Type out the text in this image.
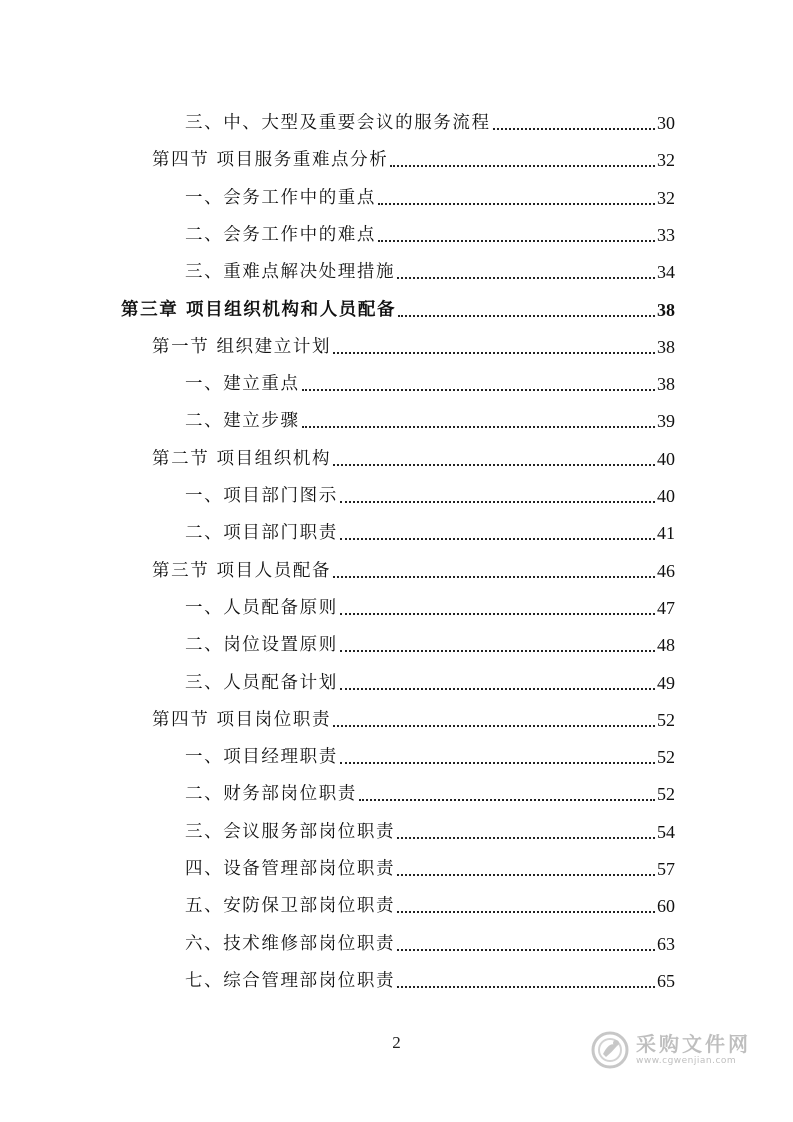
三、中、大型及重要会议的服务流程	30
第四节 项目服务重难点分析	32
一、会务工作中的重点	32
二、会务工作中的难点	33
三、重难点解决处理措施	34
第三章 项目组织机构和人员配备	38
第一节 组织建立计划	38
一、建立重点	38
二、建立步骤	39
第二节 项目组织机构	40
一、项目部门图示	40
二、项目部门职责	41
第三节 项目人员配备	46
一、人员配备原则	47
二、岗位设置原则	48
三、人员配备计划	49
第四节 项目岗位职责	52
一、项目经理职责	52
二、财务部岗位职责	52
三、会议服务部岗位职责	54
四、设备管理部岗位职责	57
五、安防保卫部岗位职责	60
六、技术维修部岗位职责	63
七、综合管理部岗位职责	65
2	采购文件网
www.cgwenjian.com
